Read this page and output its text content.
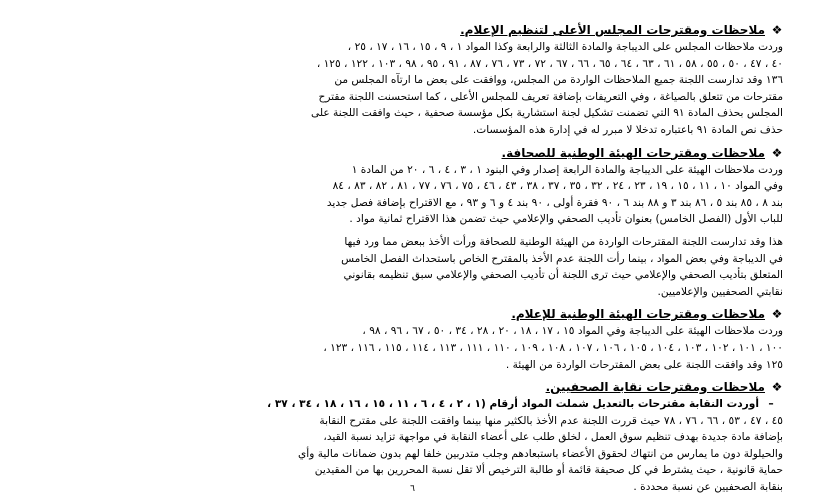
❖
ملاحظات ومقترحات المجلس الأعلى لتنظيم الإعلام.
وردت ملاحظات المجلس على الديباجة والمادة الثالثة والرابعة وكذا المواد ١ ، ٩ ، ١٥ ، ١٦ ، ١٧ ، ٢٥ ،
٤٠ ، ٤٧ ، ٥٠ ، ٥٥ ، ٥٨ ، ٦١ ، ٦٣ ، ٦٤ ، ٦٥ ، ٦٦ ، ٦٧ ، ٧٢ ، ٧٣ ، ٧٦ ، ٨٧ ، ٩١ ، ٩٥ ، ٩٨ ، ١٠٣ ، ١٢٢ ، ١٢٥ ،
١٣٦ وقد تدارست اللجنة جميع الملاحظات الواردة من المجلس، ووافقت على بعض ما ارتآه المجلس من
مقترحات من تتعلق بالصياغة ، وفي التعريفات بإضافة تعريف للمجلس الأعلى ، كما استحسنت اللجنة مقترح
المجلس بحذف المادة ٩١ التي تضمنت تشكيل لجنة استشارية بكل مؤسسة صحفية ، حيث وافقت اللجنة على
حذف نص المادة ٩١ باعتباره تدخلا لا مبرر له في إدارة هذه المؤسسات.
❖
ملاحظات ومقترحات الهيئة الوطنية للصحافة.
وردت ملاحظات الهيئة على الديباجة والمادة الرابعة إصدار وفي البنود ١ ، ٣ ، ٤ ، ٦ ، ٢٠ من المادة ١
وفي المواد ١٠ ، ١١ ، ١٥ ، ١٩ ، ٢٣ ، ٢٤ ، ٣٢ ، ٣٥ ، ٣٧ ، ٣٨ ، ٤٣ ، ٤٦ ، ٧٥ ، ٧٦ ، ٧٧ ، ٨١ ، ٨٢ ، ٨٣ ، ٨٤
بند ٨ ، ٨٥ بند ٥ ، ٨٦ بند ٣ و ٨٨ بند ٦ ، ٩٠ فقرة أولى ، ٩٠ بند ٤ و ٦ و ٩٣ ، مع الاقتراح بإضافة فصل جديد
للباب الأول (الفصل الخامس) بعنوان تأديب الصحفي والإعلامي حيث تضمن هذا الاقتراح ثمانية مواد .
هذا وقد تدارست اللجنة المقترحات الواردة من الهيئة الوطنية للصحافة ورأت الأخذ ببعض مما ورد فيها
في الديباجة وفي بعض المواد ، بينما رأت اللجنة عدم الأخذ بالمقترح الخاص باستحداث الفصل الخامس
المتعلق بتأديب الصحفي والإعلامي حيث ترى اللجنة أن تأديب الصحفي والإعلامي سبق تنظيمه بقانوني
نقابتي الصحفيين والإعلاميين.
❖
ملاحظات ومقترحات الهيئة الوطنية للإعلام.
وردت ملاحظات الهيئة على الديباجة وفي المواد ١٥ ، ١٧ ، ١٨ ، ٢٠ ، ٢٨ ، ٣٤ ، ٥٠ ، ٦٧ ، ٩٦ ، ٩٨ ،
١٠٠ ، ١٠١ ، ١٠٢ ، ١٠٣ ، ١٠٤ ، ١٠٥ ، ١٠٦ ، ١٠٧ ، ١٠٨ ، ١٠٩ ، ١١٠ ، ١١١ ، ١١٣ ، ١١٤ ، ١١٥ ، ١١٦ ، ١٢٣ ،
١٢٥ وقد وافقت اللجنة على بعض المقترحات الواردة من الهيئة .
❖
ملاحظات ومقترحات نقابة الصحفيين.
–أوردت النقابة مقترحات بالتعديل شملت المواد أرقام (١ ، ٢ ، ٤ ، ٦ ، ١١ ، ١٥ ، ١٦ ، ١٨ ، ٣٤ ، ٣٧ ،
٤٥ ، ٤٧ ، ٥٣ ، ٦٦ ، ٧٦ ، ٧٨ حيث قررت اللجنة عدم الأخذ بالكثير منها بينما وافقت اللجنة على مقترح النقابة
بإضافة مادة جديدة بهدف تنظيم سوق العمل ، لخلق طلب على أعضاء النقابة في مواجهة تزايد نسبة القيد،
والحيلولة دون ما يمارس من انتهاك لحقوق الأعضاء باستبعادهم وجلب متدربين خلفا لهم بدون ضمانات مالية وأي
حماية قانونية ، حيث يشترط في كل صحيفة قائمة أو طالبة الترخيص ألا تقل نسبة المحررين بها من المقيدين
بنقابة الصحفيين عن نسبة محددة .
٦
